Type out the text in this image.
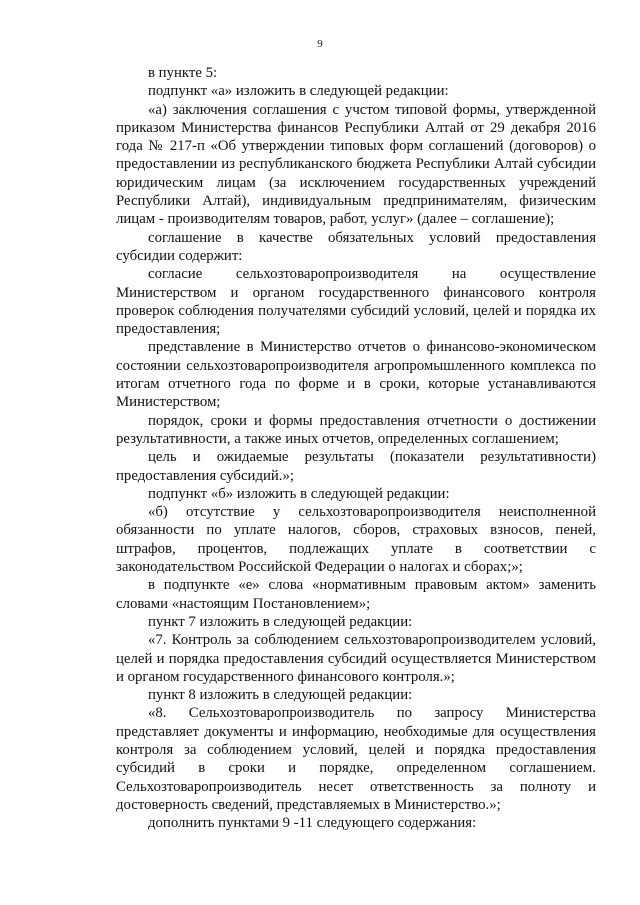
9

в пункте 5:

подпункт «а» изложить в следующей редакции:

«а) заключения соглашения с учстом типовой формы, утвержденной приказом Министерства финансов Республики Алтай от 29 декабря 2016 года № 217-п «Об утверждении типовых форм соглашений (договоров) о предоставлении из республиканского бюджета Республики Алтай субсидии юридическим лицам (за исключением государственных учреждений Республики Алтай), индивидуальным предпринимателям, физическим лицам - производителям товаров, работ, услуг» (далее – соглашение);

соглашение в качестве обязательных условий предоставления субсидии содержит:

согласие сельхозтоваропроизводителя на осуществление Министерством и органом государственного финансового контроля проверок соблюдения получателями субсидий условий, целей и порядка их предоставления;

представление в Министерство отчетов о финансово-экономическом состоянии сельхозтоваропроизводителя агропромышленного комплекса по итогам отчетного года по форме и в сроки, которые устанавливаются Министерством;

порядок, сроки и формы предоставления отчетности о достижении результативности, а также иных отчетов, определенных соглашением;

цель и ожидаемые результаты (показатели результативности) предоставления субсидий.»;

подпункт «б» изложить в следующей редакции:

«б) отсутствие у сельхозтоваропроизводителя неисполненной обязанности по уплате налогов, сборов, страховых взносов, пеней, штрафов, процентов, подлежащих уплате в соответствии с законодательством Российской Федерации о налогах и сборах;»;

в подпункте «е» слова «нормативным правовым актом» заменить словами «настоящим Постановлением»;

пункт 7 изложить в следующей редакции:

«7. Контроль за соблюдением сельхозтоваропроизводителем условий, целей и порядка предоставления субсидий осуществляется Министерством и органом государственного финансового контроля.»;

пункт 8 изложить в следующей редакции:

«8. Сельхозтоваропроизводитель по запросу Министерства представляет документы и информацию, необходимые для осуществления контроля за соблюдением условий, целей и порядка предоставления субсидий в сроки и порядке, определенном соглашением. Сельхозтоваропроизводитель несет ответственность за полноту и достоверность сведений, представляемых в Министерство.»;

дополнить пунктами 9 -11 следующего содержания:
